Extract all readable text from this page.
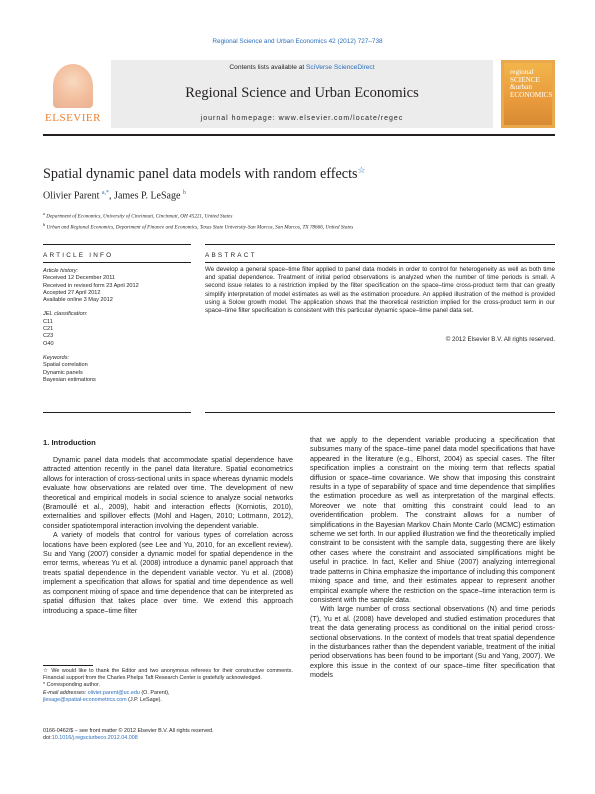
Regional Science and Urban Economics 42 (2012) 727–738
ELSEVIER
Contents lists available at SciVerse ScienceDirect
Regional Science and Urban Economics
journal homepage: www.elsevier.com/locate/regec
regional
SCIENCE
&urban
ECONOMICS
Spatial dynamic panel data models with random effects☆
Olivier Parent $^{a,*}$, James P. LeSage $^b$
$^a$ Department of Economics, University of Cincinnati, Cincinnati, OH 45221, United States
$^b$ Urban and Regional Economics, Department of Finance and Economics, Texas State University-San Marcos, San Marcos, TX 78666, United States
ARTICLE INFO	ABSTRACT
Article history:
Received 12 December 2011
Received in revised form 23 April 2012
Accepted 27 April 2012
Available online 3 May 2012
JEL classification:
C11
C21
C23
O40
Keywords:
Spatial correlation
Dynamic panels
Bayesian estimations
We develop a general space–time filter applied to panel data models in order to control for heterogeneity as well as both time and spatial dependence. Treatment of initial period observations is analyzed when the number of time periods is small. A second issue relates to a restriction implied by the filter specification on the space–time cross-product term that can greatly simplify interpretation of model estimates as well as the estimation procedure. An applied illustration of the method is provided using a Solow growth model. The application shows that the theoretical restriction implied for the cross-product term in our space–time filter specification is consistent with this particular dynamic space–time panel data set.
© 2012 Elsevier B.V. All rights reserved.
1. Introduction

Dynamic panel data models that accommodate spatial dependence have attracted attention recently in the panel data literature. Spatial econometrics allows for interaction of cross-sectional units in space whereas dynamic models evaluate how observations are related over time. The development of new theoretical and empirical models in social science to analyze social networks (Bramoullé et al., 2009), habit and interaction effects (Korniotis, 2010), externalities and spillover effects (Mohl and Hagen, 2010; Lottmann, 2012), consider spatiotemporal interaction involving the dependent variable.

A variety of models that control for various types of correlation across locations have been explored (see Lee and Yu, 2010, for an excellent review). Su and Yang (2007) consider a dynamic model for spatial dependence in the error terms, whereas Yu et al. (2008) introduce a dynamic panel approach that treats spatial dependence in the dependent variable vector. Yu et al. (2008) implement a specification that allows for spatial and time dependence as well as component mixing of space and time dependence that can be interpreted as spatial diffusion that takes place over time. We extend this approach introducing a space–time filter

that we apply to the dependent variable producing a specification that subsumes many of the space–time panel data model specifications that have appeared in the literature (e.g., Elhorst, 2004) as special cases. The filter specification implies a constraint on the mixing term that reflects spatial diffusion or space–time covariance. We show that imposing this constraint results in a type of separability of space and time dependence that simplifies the estimation procedure as well as interpretation of the marginal effects. Moreover we note that omitting this constraint could lead to an overidentification problem. The constraint allows for a number of simplifications in the Bayesian Markov Chain Monte Carlo (MCMC) estimation scheme we set forth. In our applied illustration we find the theoretically implied constraint to be consistent with the sample data, suggesting there are likely other cases where the constraint and associated simplifications might be useful in practice. In fact, Keller and Shiue (2007) analyzing interregional trade patterns in China emphasize the importance of including this component mixing space and time, and their estimates appear to represent another empirical example where the restriction on the space–time interaction term is consistent with the sample data.

With large number of cross sectional observations (N) and time periods (T), Yu et al. (2008) have developed and studied estimation procedures that treat the data generating process as conditional on the initial period cross-sectional observations. In the context of models that treat spatial dependence in the disturbances rather than the dependent variable, treatment of the initial period observations has been found to be important (Su and Yang, 2007). We explore this issue in the context of our space–time filter specification that models

☆ We would like to thank the Editor and two anonymous referees for their constructive comments. Financial support from the Charles Phelps Taft Research Center is gratefully acknowledged.

* Corresponding author.

E-mail addresses: olivier.parent@uc.edu (O. Parent),

jlesage@spatial-econometrics.com (J.P. LeSage).

0166-0462/$ – see front matter © 2012 Elsevier B.V. All rights reserved.
doi:10.1016/j.regsciurbeco.2012.04.008
